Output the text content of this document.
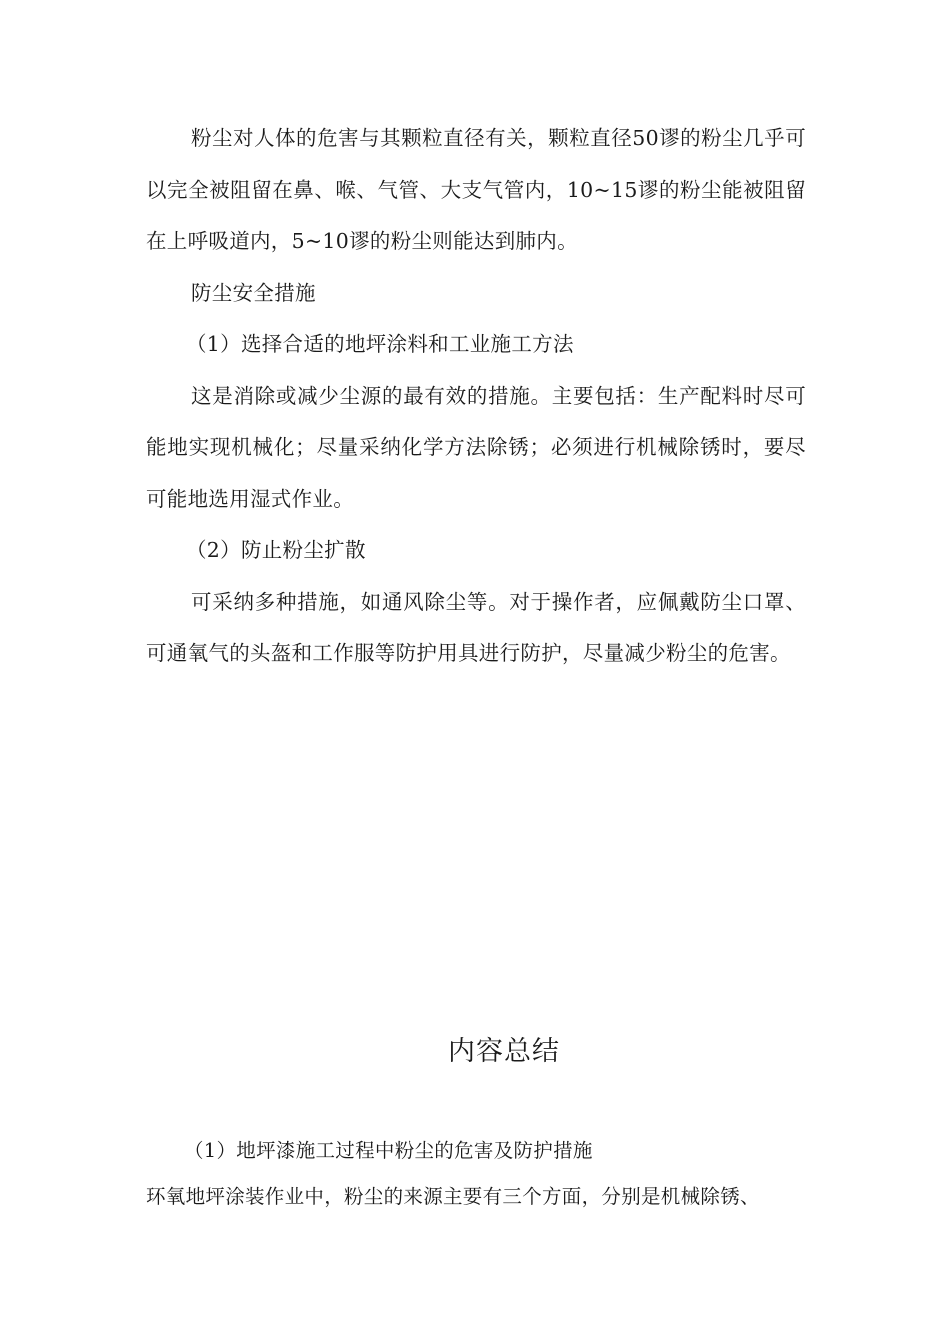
粉尘对人体的危害与其颗粒直径有关，颗粒直径50谬的粉尘几乎可以完全被阻留在鼻、喉、气管、大支气管内，10~15谬的粉尘能被阻留在上呼吸道内，5~10谬的粉尘则能达到肺内。

防尘安全措施

（1）选择合适的地坪涂料和工业施工方法

这是消除或减少尘源的最有效的措施。主要包括：生产配料时尽可能地实现机械化；尽量采纳化学方法除锈；必须进行机械除锈时，要尽可能地选用湿式作业。

（2）防止粉尘扩散

可采纳多种措施，如通风除尘等。对于操作者，应佩戴防尘口罩、可通氧气的头盔和工作服等防护用具进行防护，尽量减少粉尘的危害。

内容总结

（1）地坪漆施工过程中粉尘的危害及防护措施

环氧地坪涂装作业中，粉尘的来源主要有三个方面，分别是机械除锈、
